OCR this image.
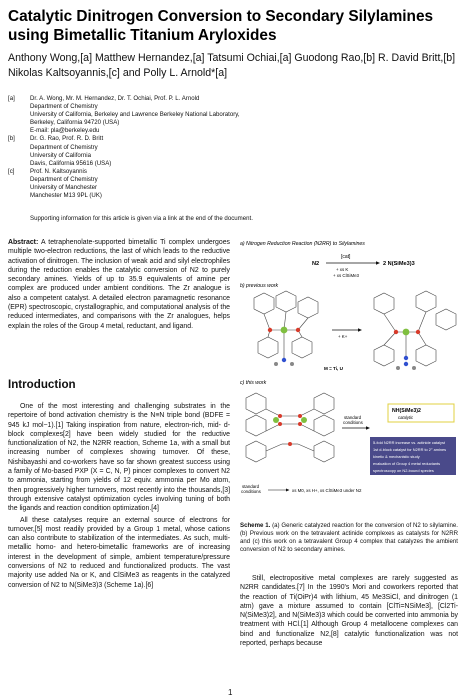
Catalytic Dinitrogen Conversion to Secondary Silylamines using Bimetallic Titanium Aryloxides
Anthony Wong,[a] Matthew Hernandez,[a] Tatsumi Ochiai,[a] Guodong Rao,[b] R. David Britt,[b] Nikolas Kaltsoyannis,[c] and Polly L. Arnold*[a]
[a]	Dr. A. Wong, Mr. M. Hernandez, Dr. T. Ochiai, Prof. P. L. Arnold
Department of Chemistry
University of California, Berkeley and Lawrence Berkeley National Laboratory,
Berkeley, California 94720 (USA)
E-mail: pla@berkeley.edu
[b]	Dr. G. Rao, Prof. R. D. Britt
Department of Chemistry
University of California
Davis, California 95616 (USA)
[c]	Prof. N. Kaltsoyannis
Department of Chemistry
University of Manchester
Manchester M13 9PL (UK)
Supporting information for this article is given via a link at the end of the document.
Abstract: A tetraphenolate-supported bimetallic Ti complex undergoes multiple two-electron reductions, the last of which leads to the reductive activation of dinitrogen. The inclusion of weak acid and silyl electrophiles during the reduction enables the catalytic conversion of N2 to purely secondary amines. Yields of up to 35.9 equivalents of amine per complex are produced under ambient conditions. The Zr analogue is also a competent catalyst. A detailed electron paramagnetic resonance (EPR) spectroscopic, crystallographic, and computational analysis of the reduced intermediates, and comparisons with the Zr analogues, helps explain the roles of the Group 4 metal, reductant, and ligand.
Introduction

One of the most interesting and challenging substrates in the repertoire of bond activation chemistry is the N≡N triple bond (BDFE = 945 kJ mol−1).[1] Taking inspiration from nature, electron-rich, mid- d-block complexes[2] have been widely studied for the reductive functionalization of N2, the N2RR reaction, Scheme 1a, with a small but increasing number of complexes showing turnover. Of these, Nishibayashi and co-workers have so far shown greatest success using a family of Mo-based PXP (X = C, N, P) pincer complexes to convert N2 to ammonia, starting from yields of 12 equiv. ammonia per Mo atom, then progressively higher turnovers, most recently into the thousands,[3] through extensive catalyst optimization cycles involving tuning of both the ligands and reaction condition optimization.[4]

All these catalyses require an external source of electrons for turnover,[5] most readily provided by a Group 1 metal, whose cations can also contribute to stabilization of the intermediates. As such, multi-metallic homo- and hetero-bimetallic frameworks are of increasing interest in the development of simple, ambient temperature/pressure conversions of N2 to reduced and functionalized products. The vast majority use added Na or K, and ClSiMe3 as reagents in the catalyzed conversion of N2 to N(SiMe3)3 (Scheme 1a).[6]

a) Nitrogen Reduction Reaction (N2RR) to Silylamines
[cat]
N2	2 N(SiMe3)3
+ xs K
+ xs ClSiMe3
b) previous work
+ K+
M = Ti, U
c) this work
standard
conditions
NH(SiMe3)2
catalytic
5-fold N2RR increase vs. actinide catalyst
1st d-block catalyst for N2RR to 2° amines
kinetic & mechanistic study
evaluation of Group 4 metal reductants
spectroscopy on N2-bound species
standard
conditions	xs M0, xs H+, xs ClSiMe3 under N2
Scheme 1. (a) Generic catalyzed reaction for the conversion of N2 to silylamine. (b) Previous work on the tetravalent actinide complexes as catalysts for N2RR and (c) this work on a tetravalent Group 4 complex that catalyzes the ambient conversion of N2 to secondary amines.

Still, electropositive metal complexes are rarely suggested as N2RR candidates.[7] In the 1990's Mori and coworkers reported that the reaction of Ti(OiPr)4 with lithium, 45 Me3SiCl, and dinitrogen (1 atm) gave a mixture assumed to contain [ClTi=NSiMe3], [Cl2Ti-N(SiMe3)2], and N(SiMe3)3 which could be converted into ammonia by treatment with HCl.[1] Although Group 4 metallocene complexes can bind and functionalize N2,[8] catalytic functionalization was not reported, perhaps because

1
